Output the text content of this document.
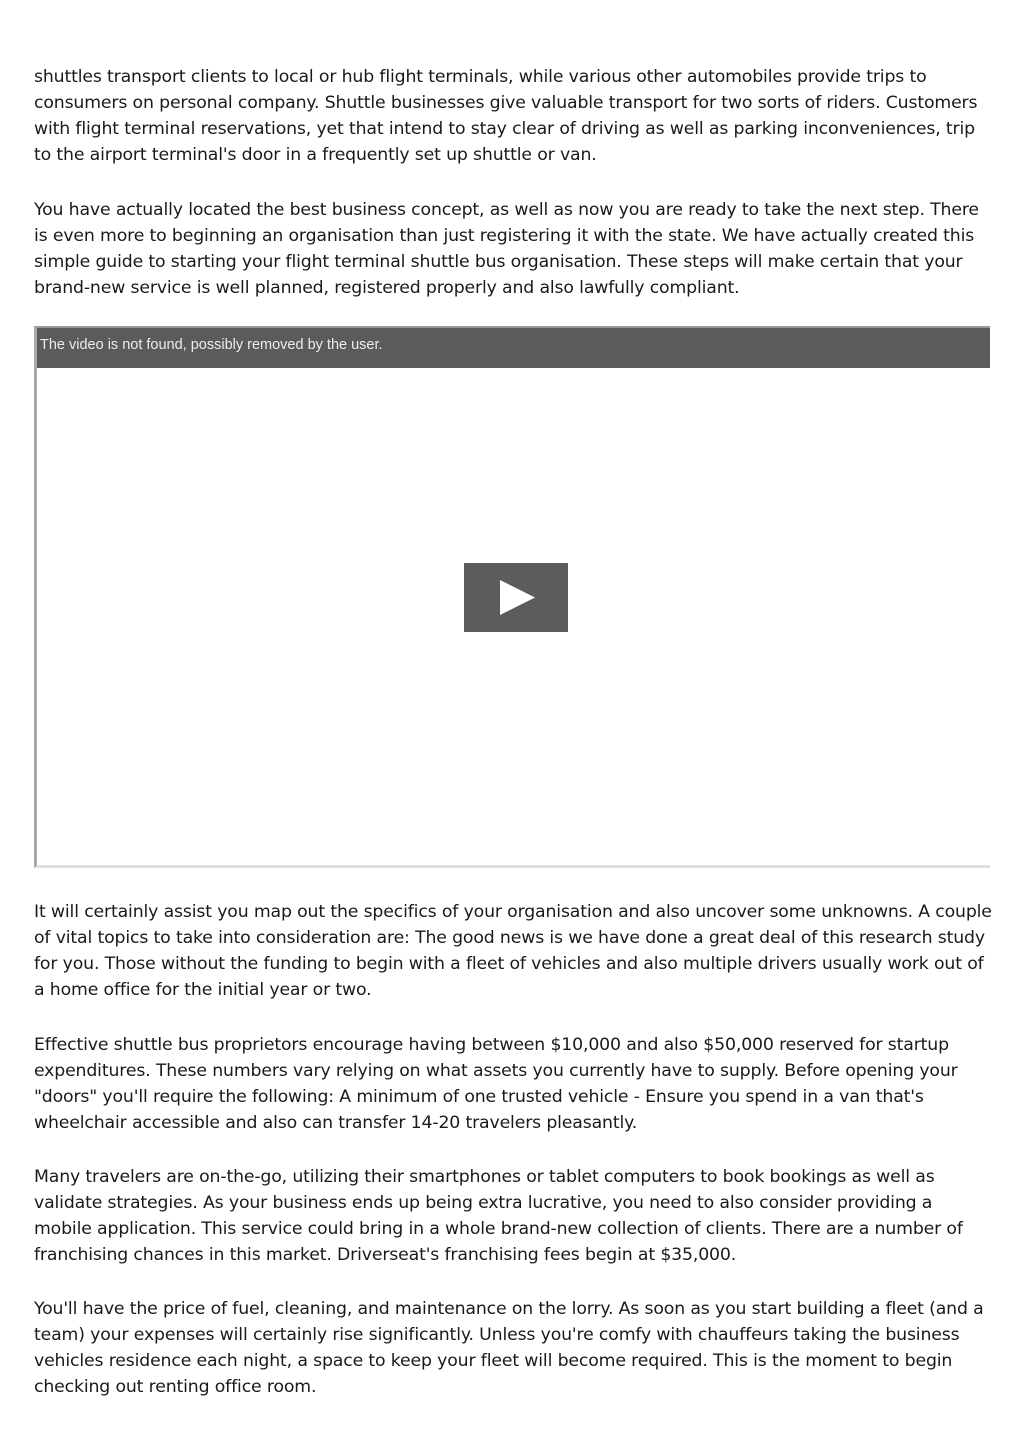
shuttles transport clients to local or hub flight terminals, while various other automobiles provide trips to consumers on personal company. Shuttle businesses give valuable transport for two sorts of riders. Customers with flight terminal reservations, yet that intend to stay clear of driving as well as parking inconveniences, trip to the airport terminal's door in a frequently set up shuttle or van.

You have actually located the best business concept, as well as now you are ready to take the next step. There is even more to beginning an organisation than just registering it with the state. We have actually created this simple guide to starting your flight terminal shuttle bus organisation. These steps will make certain that your brand-new service is well planned, registered properly and also lawfully compliant.

The video is not found, possibly removed by the user.

It will certainly assist you map out the specifics of your organisation and also uncover some unknowns. A couple of vital topics to take into consideration are: The good news is we have done a great deal of this research study for you. Those without the funding to begin with a fleet of vehicles and also multiple drivers usually work out of a home office for the initial year or two.

Effective shuttle bus proprietors encourage having between $10,000 and also $50,000 reserved for startup expenditures. These numbers vary relying on what assets you currently have to supply. Before opening your "doors" you'll require the following: A minimum of one trusted vehicle - Ensure you spend in a van that's wheelchair accessible and also can transfer 14-20 travelers pleasantly.

Many travelers are on-the-go, utilizing their smartphones or tablet computers to book bookings as well as validate strategies. As your business ends up being extra lucrative, you need to also consider providing a mobile application. This service could bring in a whole brand-new collection of clients. There are a number of franchising chances in this market. Driverseat's franchising fees begin at $35,000.

You'll have the price of fuel, cleaning, and maintenance on the lorry. As soon as you start building a fleet (and a team) your expenses will certainly rise significantly. Unless you're comfy with chauffeurs taking the business vehicles residence each night, a space to keep your fleet will become required. This is the moment to begin checking out renting office room.
